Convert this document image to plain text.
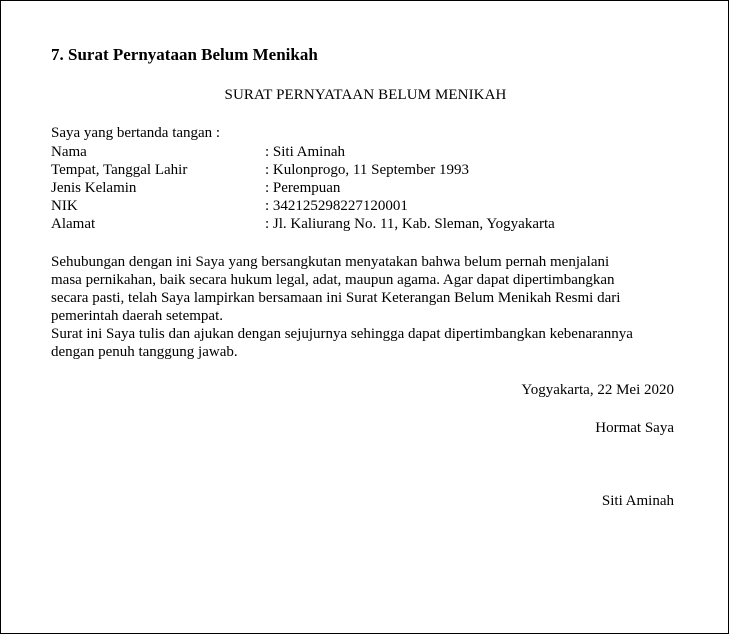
7. Surat Pernyataan Belum Menikah
SURAT PERNYATAAN BELUM MENIKAH
Saya yang bertanda tangan :
Nama	: Siti Aminah
Tempat, Tanggal Lahir	: Kulonprogo, 11 September 1993
Jenis Kelamin	: Perempuan
NIK	: 342125298227120001
Alamat	: Jl. Kaliurang No. 11, Kab. Sleman, Yogyakarta
Sehubungan dengan ini Saya yang bersangkutan menyatakan bahwa belum pernah menjalani
masa pernikahan, baik secara hukum legal, adat, maupun agama. Agar dapat dipertimbangkan
secara pasti, telah Saya lampirkan bersamaan ini Surat Keterangan Belum Menikah Resmi dari
pemerintah daerah setempat.
Surat ini Saya tulis dan ajukan dengan sejujurnya sehingga dapat dipertimbangkan kebenarannya
dengan penuh tanggung jawab.
Yogyakarta, 22 Mei 2020
Hormat Saya
Siti Aminah
